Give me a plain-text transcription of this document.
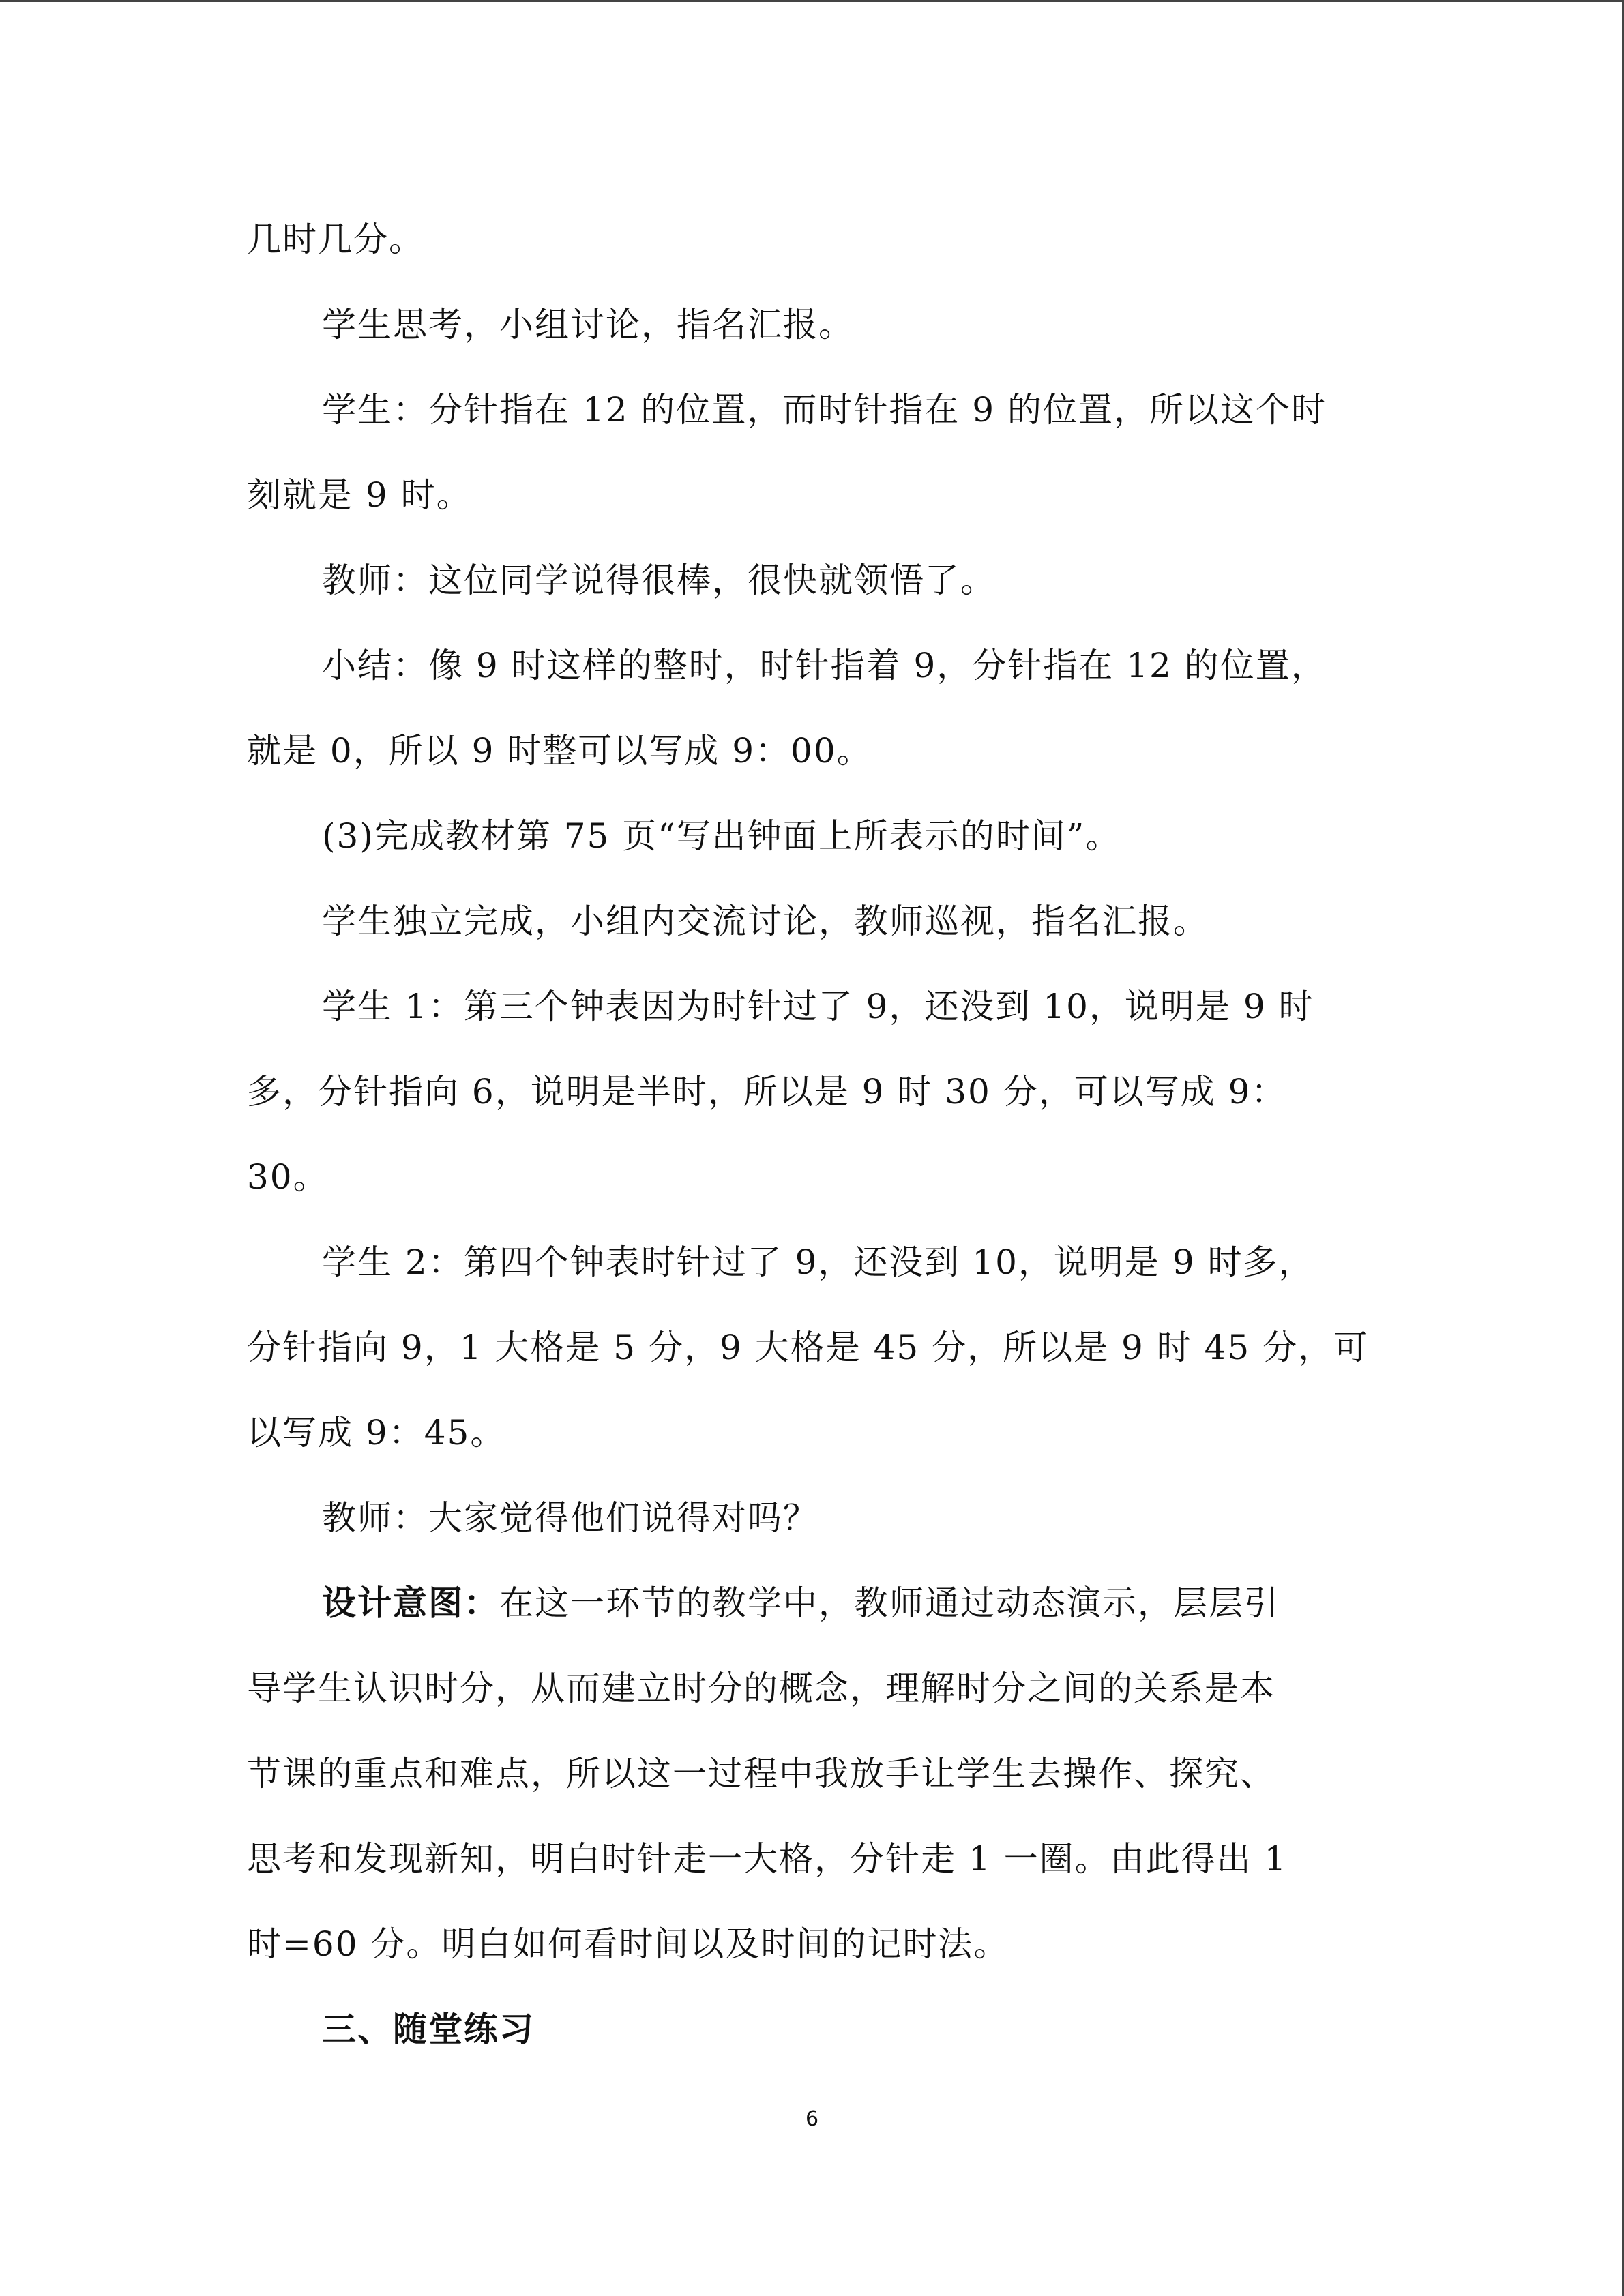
几时几分。
学生思考，小组讨论，指名汇报。
学生：分针指在 12 的位置，而时针指在 9 的位置，所以这个时
刻就是 9 时。
教师：这位同学说得很棒，很快就领悟了。
小结：像 9 时这样的整时，时针指着 9，分针指在 12 的位置，
就是 0，所以 9 时整可以写成 9：00。
(3)完成教材第 75 页“写出钟面上所表示的时间”。
学生独立完成，小组内交流讨论，教师巡视，指名汇报。
学生 1：第三个钟表因为时针过了 9，还没到 10，说明是 9 时
多，分针指向 6，说明是半时，所以是 9 时 30 分，可以写成 9：
30。
学生 2：第四个钟表时针过了 9，还没到 10，说明是 9 时多，
分针指向 9，1 大格是 5 分，9 大格是 45 分，所以是 9 时 45 分，可
以写成 9：45。
教师：大家觉得他们说得对吗？
设计意图：在这一环节的教学中，教师通过动态演示，层层引
导学生认识时分，从而建立时分的概念，理解时分之间的关系是本
节课的重点和难点，所以这一过程中我放手让学生去操作、探究、
思考和发现新知，明白时针走一大格，分针走 1 一圈。由此得出 1
时=60 分。明白如何看时间以及时间的记时法。
三、随堂练习
6
